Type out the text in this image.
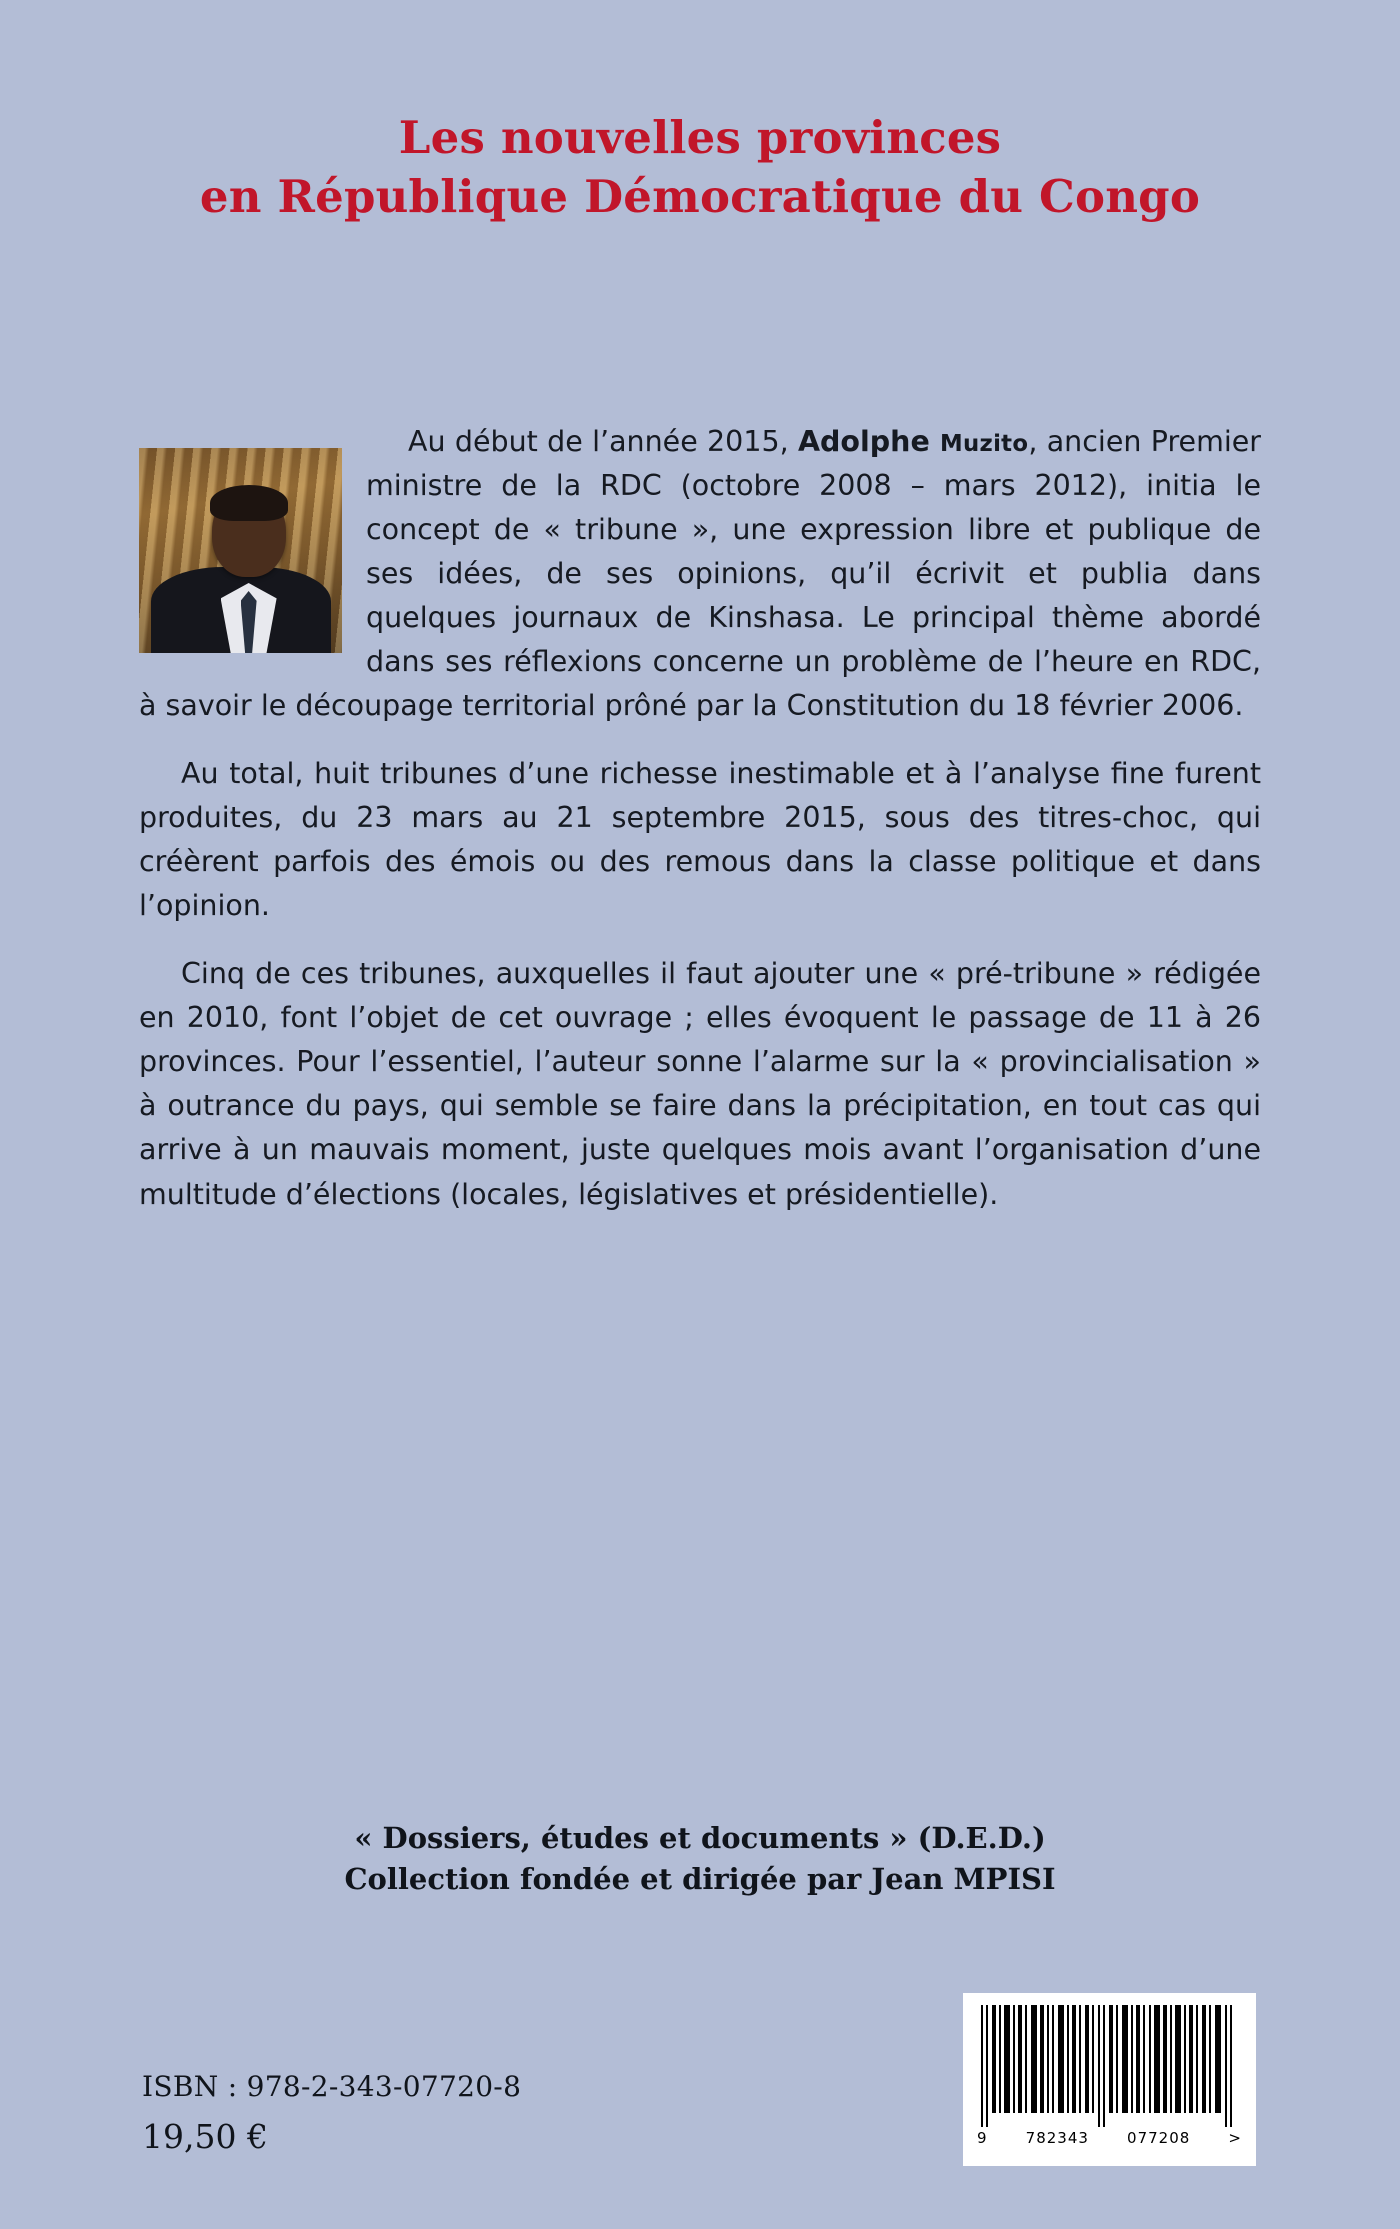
Les nouvelles provinces
en République Démocratique du Congo

Au début de l’année 2015, Adolphe Muzito, ancien Premier ministre de la RDC (octobre 2008 – mars 2012), initia le concept de « tribune », une expression libre et publique de ses idées, de ses opinions, qu’il écrivit et publia dans quelques journaux de Kinshasa. Le principal thème abordé dans ses réflexions concerne un problème de l’heure en RDC, à savoir le découpage territorial prôné par la Constitution du 18 février 2006.

Au total, huit tribunes d’une richesse inestimable et à l’analyse fine furent produites, du 23 mars au 21 septembre 2015, sous des titres-choc, qui créèrent parfois des émois ou des remous dans la classe politique et dans l’opinion.

Cinq de ces tribunes, auxquelles il faut ajouter une « pré-tribune » rédigée en 2010, font l’objet de cet ouvrage ; elles évoquent le passage de 11 à 26 provinces. Pour l’essentiel, l’auteur sonne l’alarme sur la « provincialisation » à outrance du pays, qui semble se faire dans la précipitation, en tout cas qui arrive à un mauvais moment, juste quelques mois avant l’organisation d’une multitude d’élections (locales, législatives et présidentielle).

« Dossiers, études et documents » (D.E.D.)
Collection fondée et dirigée par Jean MPISI
ISBN : 978-2-343-07720-8
19,50 €	9	782343	077208	>
